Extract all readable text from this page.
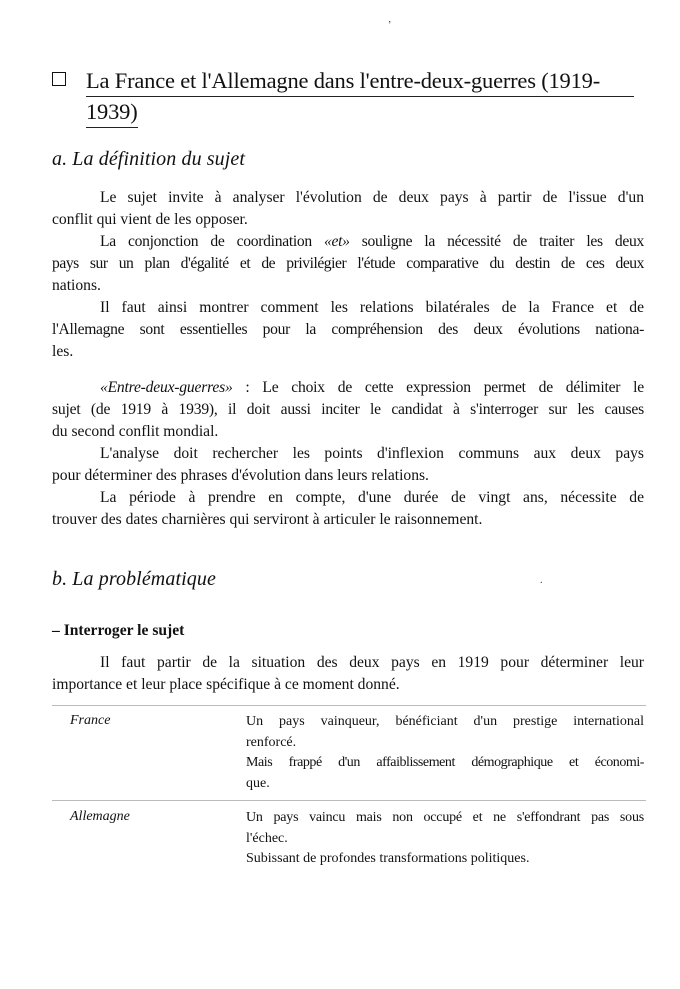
ʼ
La France et l'Allemagne dans l'entre-deux-guerres (1919-
1939)
a. La définition du sujet
Le sujet invite à analyser l'évolution de deux pays à partir de l'issue d'un
conflit qui vient de les opposer.
La conjonction de coordination «et» souligne la nécessité de traiter les deux
pays sur un plan d'égalité et de privilégier l'étude comparative du destin de ces deux
nations.
Il faut ainsi montrer comment les relations bilatérales de la France et de
l'Allemagne sont essentielles pour la compréhension des deux évolutions nationa-
les.
«Entre-deux-guerres» : Le choix de cette expression permet de délimiter le
sujet (de 1919 à 1939), il doit aussi inciter le candidat à s'interroger sur les causes
du second conflit mondial.
L'analyse doit rechercher les points d'inflexion communs aux deux pays
pour déterminer des phrases d'évolution dans leurs relations.
La période à prendre en compte, d'une durée de vingt ans, nécessite de
trouver des dates charnières qui serviront à articuler le raisonnement.
b. La problématique	.
– Interroger le sujet
Il faut partir de la situation des deux pays en 1919 pour déterminer leur
importance et leur place spécifique à ce moment donné.
France	Un pays vainqueur, bénéficiant d'un prestige international
renforcé.
Mais frappé d'un affaiblissement démographique et économi-
que.
Allemagne	Un pays vaincu mais non occupé et ne s'effondrant pas sous
l'échec.
Subissant de profondes transformations politiques.
